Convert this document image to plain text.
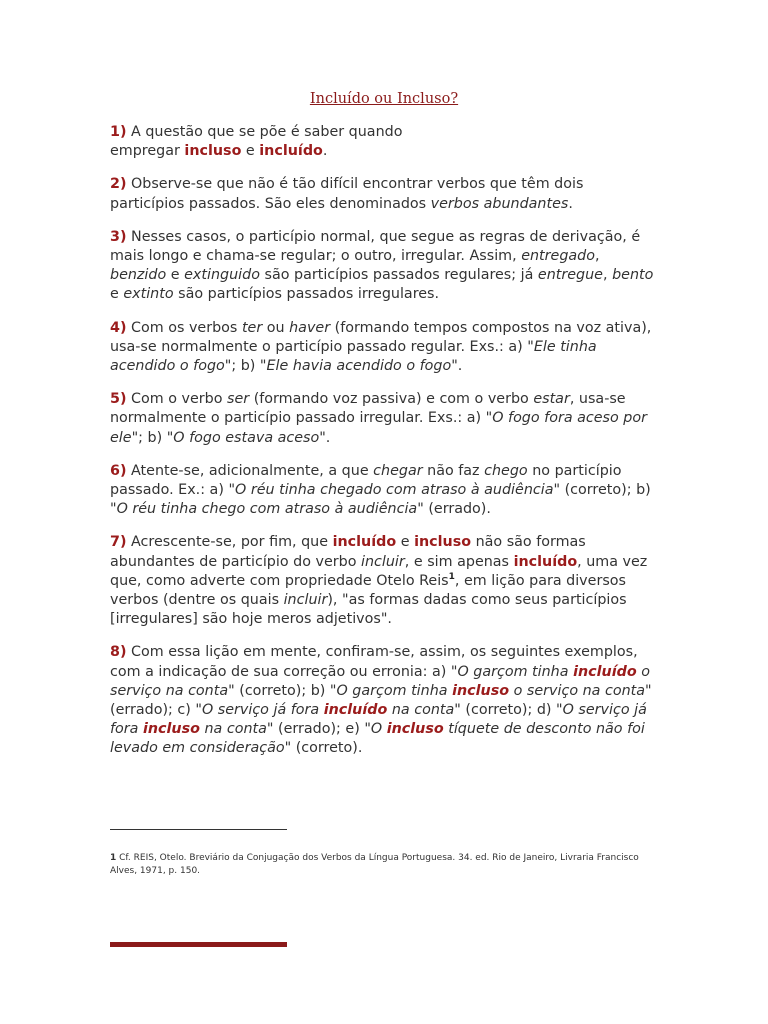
Incluído ou Incluso?

1) A questão que se põe é saber quando
empregar incluso e incluído.

2) Observe-se que não é tão difícil encontrar verbos que têm dois particípios passados. São eles denominados verbos abundantes.

3) Nesses casos, o particípio normal, que segue as regras de derivação, é mais longo e chama-se regular; o outro, irregular. Assim, entregado, benzido e extinguido são particípios passados regulares; já entregue, bento e extinto são particípios passados irregulares.

4) Com os verbos ter ou haver (formando tempos compostos na voz ativa), usa-se normalmente o particípio passado regular. Exs.: a) "Ele tinha acendido o fogo"; b) "Ele havia acendido o fogo".

5) Com o verbo ser (formando voz passiva) e com o verbo estar, usa-se normalmente o particípio passado irregular. Exs.: a) "O fogo fora aceso por ele"; b) "O fogo estava aceso".

6) Atente-se, adicionalmente, a que chegar não faz chego no particípio passado. Ex.: a) "O réu tinha chegado com atraso à audiência" (correto); b) "O réu tinha chego com atraso à audiência" (errado).

7) Acrescente-se, por fim, que incluído e incluso não são formas abundantes de particípio do verbo incluir, e sim apenas incluído, uma vez que, como adverte com propriedade Otelo Reis$^1$, em lição para diversos verbos (dentre os quais incluir), "as formas dadas como seus particípios [irregulares] são hoje meros adjetivos".

8) Com essa lição em mente, confiram-se, assim, os seguintes exemplos, com a indicação de sua correção ou erronia: a) "O garçom tinha incluído o serviço na conta" (correto); b) "O garçom tinha incluso o serviço na conta" (errado); c) "O serviço já fora incluído na conta" (correto); d) "O serviço já fora incluso na conta" (errado); e) "O incluso tíquete de desconto não foi levado em consideração" (correto).

1 Cf. REIS, Otelo. Breviário da Conjugação dos Verbos da Língua Portuguesa. 34. ed. Rio de Janeiro, Livraria Francisco Alves, 1971, p. 150.
